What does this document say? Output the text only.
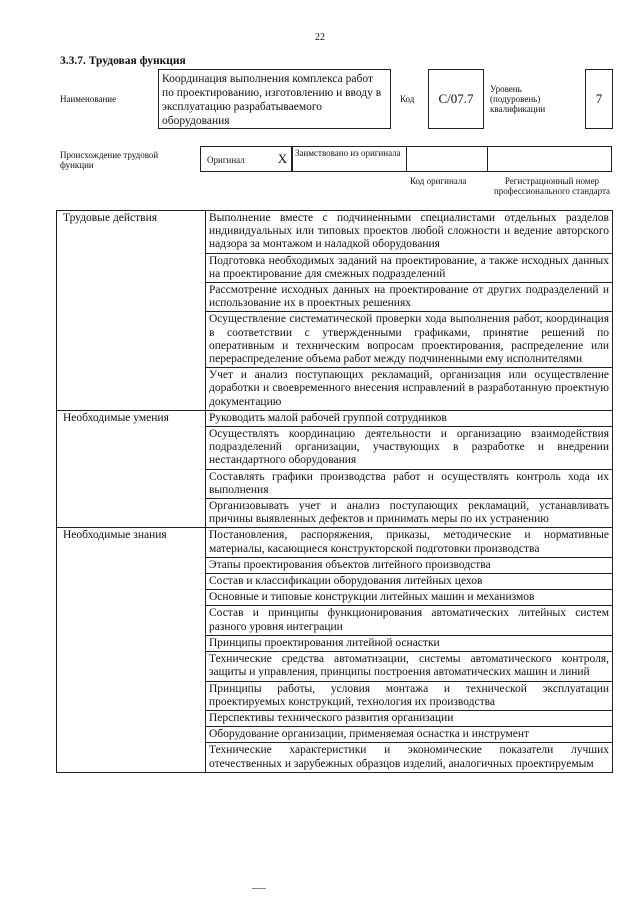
22
3.3.7. Трудовая функция
Наименование
Координация выполнения комплекса работ по проектированию, изготовлению и вводу в эксплуатацию разрабатываемого оборудования
Код	C/07.7
Уровень (подуровень) квалификации
7
Происхождение трудовой функции	Оригинал	X Заимствовано из оригинала
Код оригинала	Регистрационный номер профессионального стандарта
Трудовые действия	Выполнение вместе с подчиненными специалистами отдельных разделов индивидуальных или типовых проектов любой сложности и ведение авторского надзора за монтажом и наладкой оборудования
	Подготовка необходимых заданий на проектирование, а также исходных данных на проектирование для смежных подразделений
	Рассмотрение исходных данных на проектирование от других подразделений и использование их в проектных решениях
	Осуществление систематической проверки хода выполнения работ, координация в соответствии с утвержденными графиками, принятие решений по оперативным и техническим вопросам проектирования, распределение или перераспределение объема работ между подчиненными ему исполнителями
	Учет и анализ поступающих рекламаций, организация или осуществление доработки и своевременного внесения исправлений в разработанную проектную документацию
Необходимые умения	Руководить малой рабочей группой сотрудников
	Осуществлять координацию деятельности и организацию взаимодействия подразделений организации, участвующих в разработке и внедрении нестандартного оборудования
	Составлять графики производства работ и осуществлять контроль хода их выполнения
	Организовывать учет и анализ поступающих рекламаций, устанавливать причины выявленных дефектов и принимать меры по их устранению
Необходимые знания	Постановления, распоряжения, приказы, методические и нормативные материалы, касающиеся конструкторской подготовки производства
	Этапы проектирования объектов литейного производства
	Состав и классификации оборудования литейных цехов
	Основные и типовые конструкции литейных машин и механизмов
	Состав и принципы функционирования автоматических литейных систем разного уровня интеграции
	Принципы проектирования литейной оснастки
	Технические средства автоматизации, системы автоматического контроля, защиты и управления, принципы построения автоматических машин и линий
	Принципы работы, условия монтажа и технической эксплуатации проектируемых конструкций, технология их производства
	Перспективы технического развития организации
	Оборудование организации, применяемая оснастка и инструмент
	Технические характеристики и экономические показатели лучших отечественных и зарубежных образцов изделий, аналогичных проектируемым
